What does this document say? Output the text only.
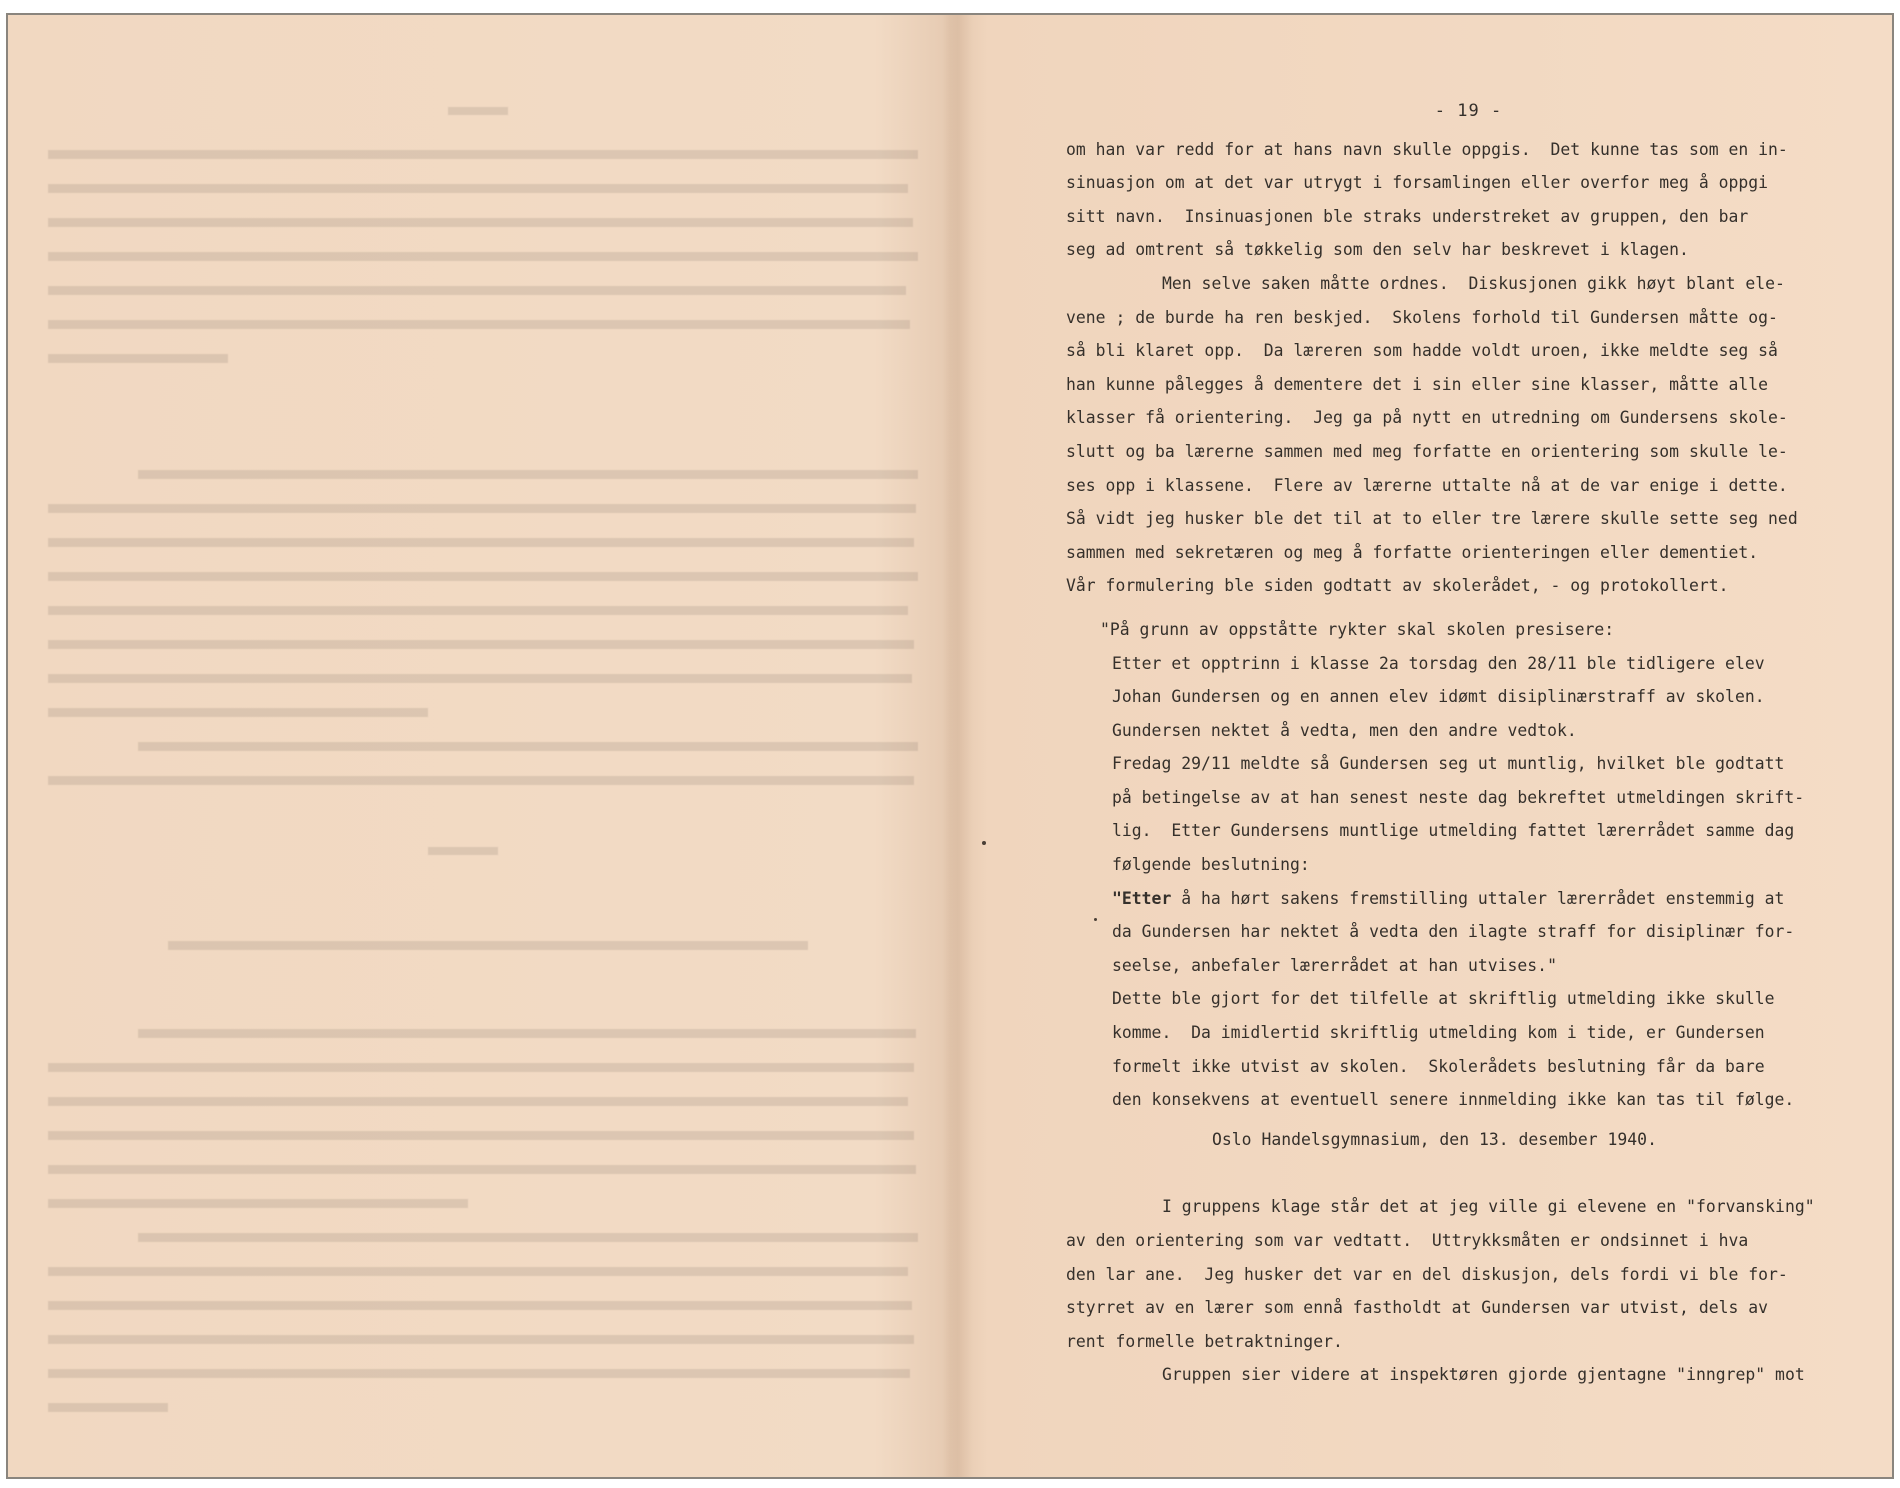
- 19 -
om han var redd for at hans navn skulle oppgis.  Det kunne tas som en in-
sinuasjon om at det var utrygt i forsamlingen eller overfor meg å oppgi
sitt navn.  Insinuasjonen ble straks understreket av gruppen, den bar
seg ad omtrent så tøkkelig som den selv har beskrevet i klagen.
Men selve saken måtte ordnes.  Diskusjonen gikk høyt blant ele-
vene ; de burde ha ren beskjed.  Skolens forhold til Gundersen måtte og-
så bli klaret opp.  Da læreren som hadde voldt uroen, ikke meldte seg så
han kunne pålegges å dementere det i sin eller sine klasser, måtte alle
klasser få orientering.  Jeg ga på nytt en utredning om Gundersens skole-
slutt og ba lærerne sammen med meg forfatte en orientering som skulle le-
ses opp i klassene.  Flere av lærerne uttalte nå at de var enige i dette.
Så vidt jeg husker ble det til at to eller tre lærere skulle sette seg ned
sammen med sekretæren og meg å forfatte orienteringen eller dementiet.
Vår formulering ble siden godtatt av skolerådet, - og protokollert.
"På grunn av oppståtte rykter skal skolen presisere:
Etter et opptrinn i klasse 2a torsdag den 28/11 ble tidligere elev
Johan Gundersen og en annen elev idømt disiplinærstraff av skolen.
Gundersen nektet å vedta, men den andre vedtok.
Fredag 29/11 meldte så Gundersen seg ut muntlig, hvilket ble godtatt
på betingelse av at han senest neste dag bekreftet utmeldingen skrift-
lig.  Etter Gundersens muntlige utmelding fattet lærerrådet samme dag
følgende beslutning:
"Etter å ha hørt sakens fremstilling uttaler lærerrådet enstemmig at
da Gundersen har nektet å vedta den ilagte straff for disiplinær for-
seelse, anbefaler lærerrådet at han utvises."
Dette ble gjort for det tilfelle at skriftlig utmelding ikke skulle
komme.  Da imidlertid skriftlig utmelding kom i tide, er Gundersen
formelt ikke utvist av skolen.  Skolerådets beslutning får da bare
den konsekvens at eventuell senere innmelding ikke kan tas til følge.
Oslo Handelsgymnasium, den 13. desember 1940.
I gruppens klage står det at jeg ville gi elevene en "forvansking"
av den orientering som var vedtatt.  Uttrykksmåten er ondsinnet i hva
den lar ane.  Jeg husker det var en del diskusjon, dels fordi vi ble for-
styrret av en lærer som ennå fastholdt at Gundersen var utvist, dels av
rent formelle betraktninger.
Gruppen sier videre at inspektøren gjorde gjentagne "inngrep" mot
